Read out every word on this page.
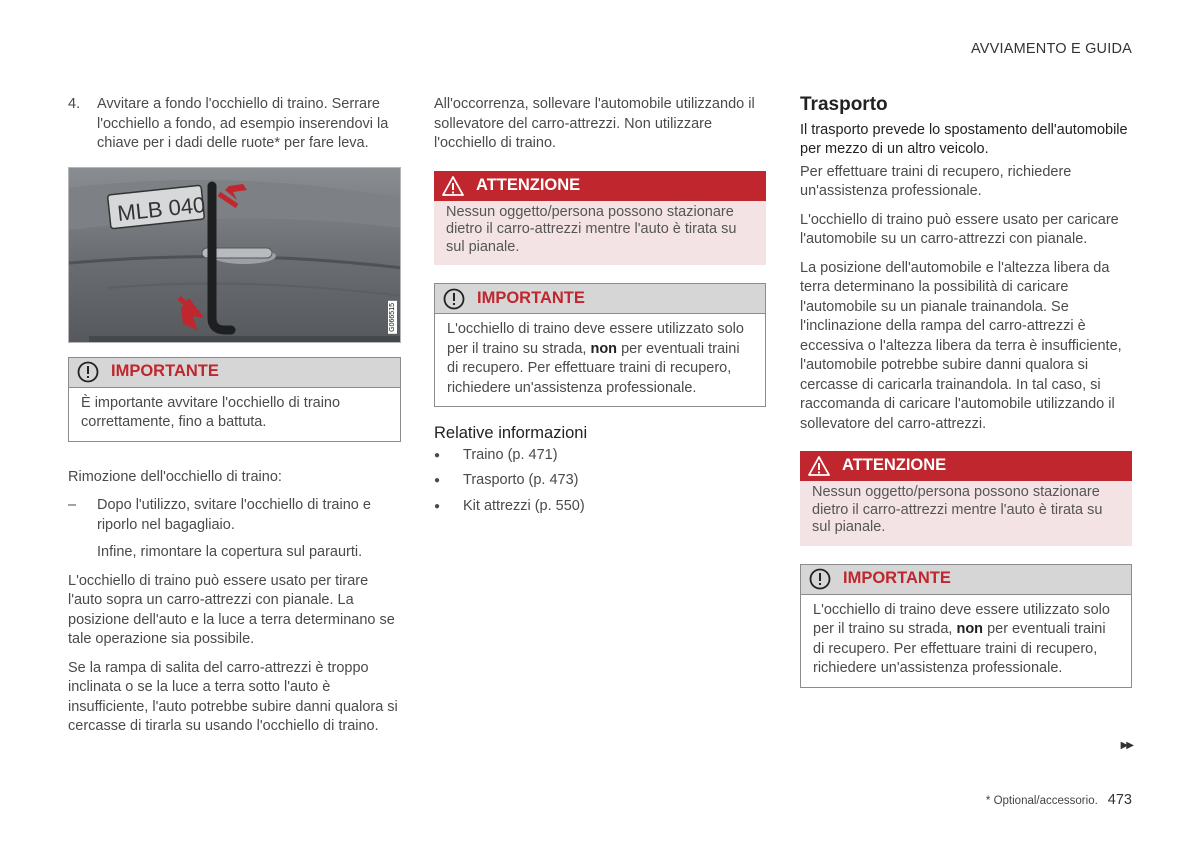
AVVIAMENTO E GUIDA
4.	Avvitare a fondo l'occhiello di traino. Serrare l'occhiello a fondo, ad esempio inserendovi la chiave per i dadi delle ruote* per fare leva.
MLB 040
G066515
IMPORTANTE
È importante avvitare l'occhiello di traino correttamente, fino a battuta.

Rimozione dell'occhiello di traino:

–	Dopo l'utilizzo, svitare l'occhiello di traino e riporlo nel bagagliaio.

Infine, rimontare la copertura sul paraurti.

L'occhiello di traino può essere usato per tirare l'auto sopra un carro-attrezzi con pianale. La posizione dell'auto e la luce a terra determinano se tale operazione sia possibile.

Se la rampa di salita del carro-attrezzi è troppo inclinata o se la luce a terra sotto l'auto è insufficiente, l'auto potrebbe subire danni qualora si cercasse di tirarla su usando l'occhiello di traino.

All'occorrenza, sollevare l'automobile utilizzando il sollevatore del carro-attrezzi. Non utilizzare l'occhiello di traino.

ATTENZIONE
Nessun oggetto/persona possono stazionare dietro il carro-attrezzi mentre l'auto è tirata su sul pianale.
IMPORTANTE
L'occhiello di traino deve essere utilizzato solo per il traino su strada, non per eventuali traini di recupero. Per effettuare traini di recupero, richiedere un'assistenza professionale.
Relative informazioni
●	Traino (p. 471)
●	Trasporto (p. 473)
●	Kit attrezzi (p. 550)
Trasporto
Il trasporto prevede lo spostamento dell'automobile per mezzo di un altro veicolo.

Per effettuare traini di recupero, richiedere un'assistenza professionale.

L'occhiello di traino può essere usato per caricare l'automobile su un carro-attrezzi con pianale.

La posizione dell'automobile e l'altezza libera da terra determinano la possibilità di caricare l'automobile su un pianale trainandola. Se l'inclinazione della rampa del carro-attrezzi è eccessiva o l'altezza libera da terra è insufficiente, l'automobile potrebbe subire danni qualora si cercasse di caricarla trainandola. In tal caso, si raccomanda di caricare l'automobile utilizzando il sollevatore del carro-attrezzi.

ATTENZIONE
Nessun oggetto/persona possono stazionare dietro il carro-attrezzi mentre l'auto è tirata su sul pianale.
IMPORTANTE
L'occhiello di traino deve essere utilizzato solo per il traino su strada, non per eventuali traini di recupero. Per effettuare traini di recupero, richiedere un'assistenza professionale.
▶▶
* Optional/accessorio. 473
